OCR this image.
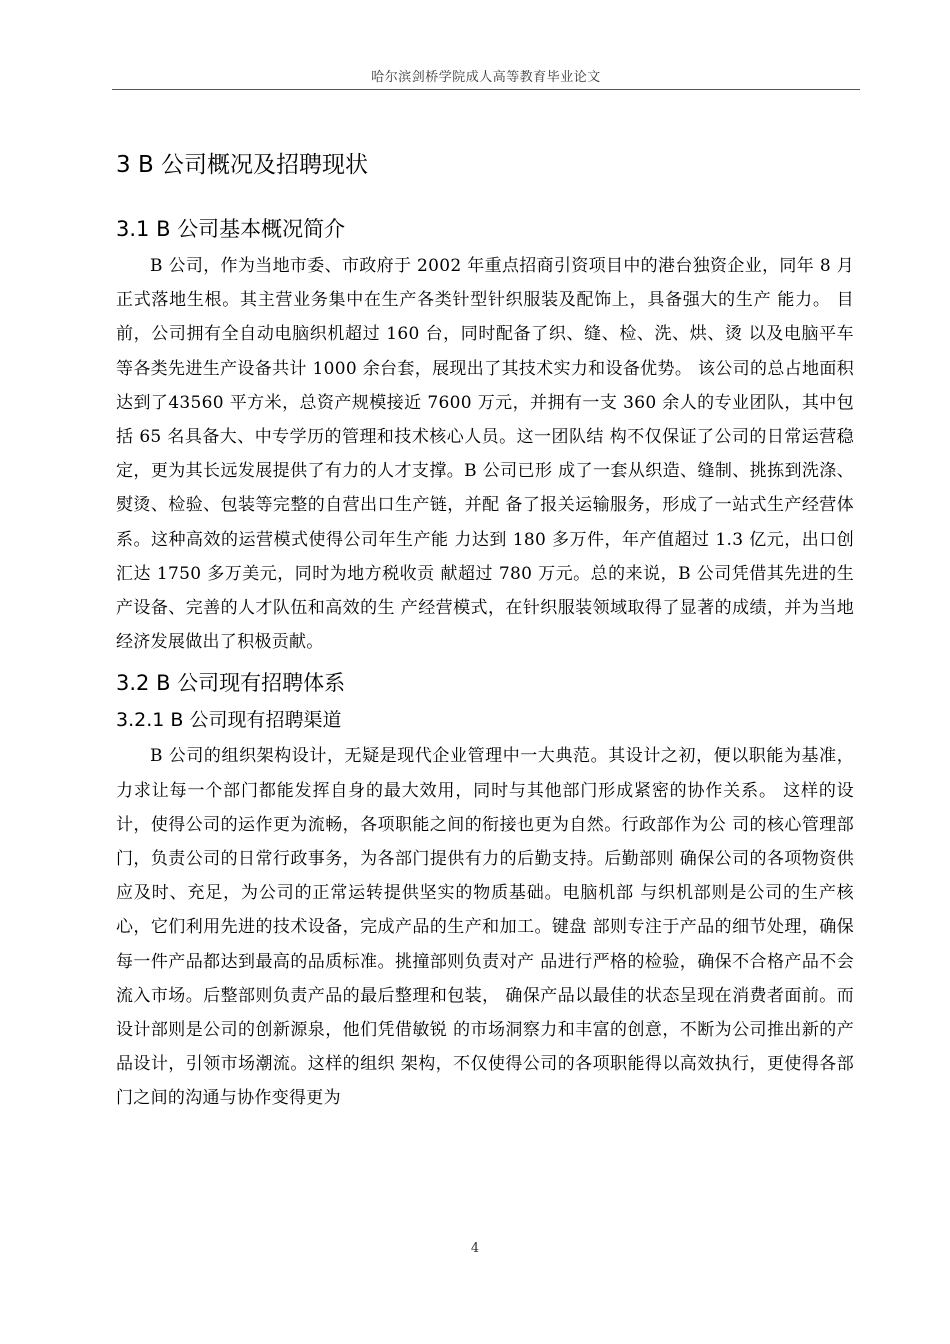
哈尔滨剑桥学院成人高等教育毕业论文
3 B 公司概况及招聘现状
3.1 B 公司基本概况简介

B 公司，作为当地市委、市政府于 2002 年重点招商引资项目中的港台独资企业，同年 8 月正式落地生根。其主营业务集中在生产各类针型针织服装及配饰上，具备强大的生产 能力。 目前，公司拥有全自动电脑织机超过 160 台，同时配备了织、缝、检、洗、烘、烫 以及电脑平车等各类先进生产设备共计 1000 余台套，展现出了其技术实力和设备优势。 该公司的总占地面积达到了43560 平方米，总资产规模接近 7600 万元，并拥有一支 360 余人的专业团队，其中包括 65 名具备大、中专学历的管理和技术核心人员。这一团队结 构不仅保证了公司的日常运营稳定，更为其长远发展提供了有力的人才支撑。B 公司已形 成了一套从织造、缝制、挑拣到洗涤、熨烫、检验、包装等完整的自营出口生产链，并配 备了报关运输服务，形成了一站式生产经营体系。这种高效的运营模式使得公司年生产能 力达到 180 多万件，年产值超过 1.3 亿元，出口创汇达 1750 多万美元，同时为地方税收贡 献超过 780 万元。总的来说，B 公司凭借其先进的生产设备、完善的人才队伍和高效的生 产经营模式，在针织服装领域取得了显著的成绩，并为当地经济发展做出了积极贡献。

3.2 B 公司现有招聘体系
3.2.1 B 公司现有招聘渠道

B 公司的组织架构设计，无疑是现代企业管理中一大典范。其设计之初，便以职能为基准，力求让每一个部门都能发挥自身的最大效用，同时与其他部门形成紧密的协作关系。 这样的设计，使得公司的运作更为流畅，各项职能之间的衔接也更为自然。行政部作为公 司的核心管理部门，负责公司的日常行政事务，为各部门提供有力的后勤支持。后勤部则 确保公司的各项物资供应及时、充足，为公司的正常运转提供坚实的物质基础。电脑机部 与织机部则是公司的生产核心，它们利用先进的技术设备，完成产品的生产和加工。键盘 部则专注于产品的细节处理，确保每一件产品都达到最高的品质标准。挑撞部则负责对产 品进行严格的检验，确保不合格产品不会流入市场。后整部则负责产品的最后整理和包装， 确保产品以最佳的状态呈现在消费者面前。而设计部则是公司的创新源泉，他们凭借敏锐 的市场洞察力和丰富的创意，不断为公司推出新的产品设计，引领市场潮流。这样的组织 架构，不仅使得公司的各项职能得以高效执行，更使得各部门之间的沟通与协作变得更为

4
